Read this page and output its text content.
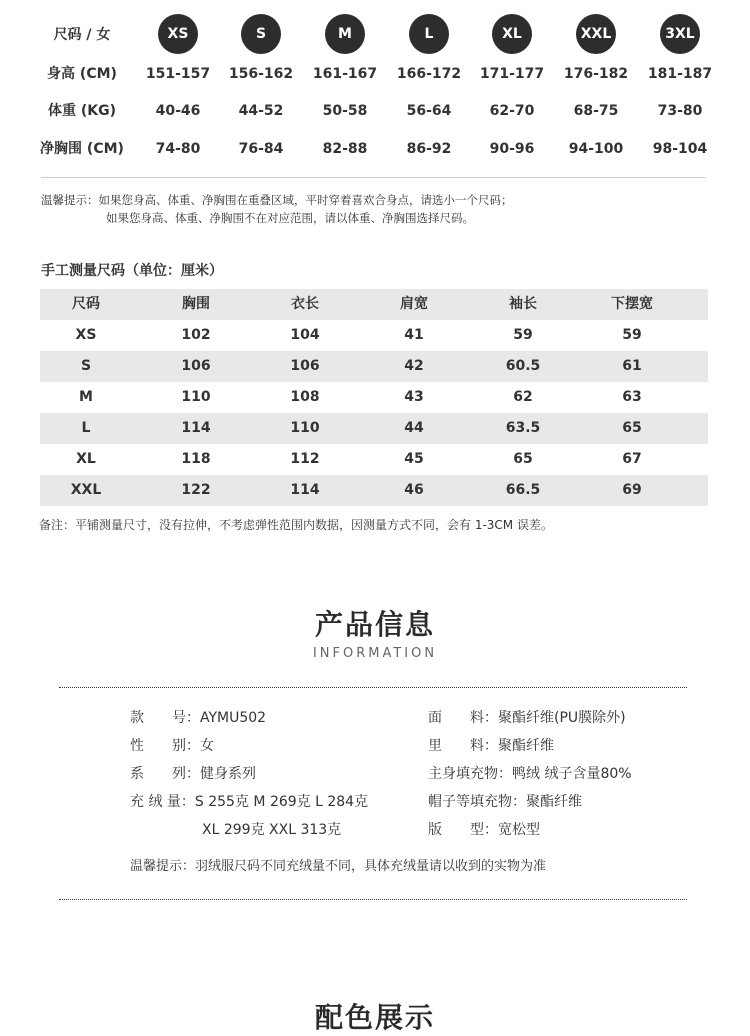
尺码 / 女	XS	S	M	L	XL	XXL	3XL
身高 (CM)	151-157	156-162	161-167	166-172	171-177	176-182	181-187
体重 (KG)	40-46	44-52	50-58	56-64	62-70	68-75	73-80
净胸围 (CM)	74-80	76-84	82-88	86-92	90-96	94-100	98-104
温馨提示：如果您身高、体重、净胸围在重叠区域，平时穿着喜欢合身点，请选小一个尺码；
如果您身高、体重、净胸围不在对应范围，请以体重、净胸围选择尺码。
手工测量尺码（单位：厘米）
尺码	胸围	衣长	肩宽	袖长	下摆宽
XS	102	104	41	59	59
S	106	106	42	60.5	61
M	110	108	43	62	63
L	114	110	44	63.5	65
XL	118	112	45	65	67
XXL	122	114	46	66.5	69
备注：平铺测量尺寸，没有拉伸，不考虑弹性范围内数据，因测量方式不同，会有 1-3CM 误差。
产品信息
INFORMATION
款　　号：AYMU502
性　　别：女
系　　列：健身系列
充 绒 量：S 255克 M 269克 L 284克
XL 299克 XXL 313克
面　　料：聚酯纤维(PU膜除外)
里　　料：聚酯纤维
主身填充物：鸭绒 绒子含量80%
帽子等填充物：聚酯纤维
版　　型：宽松型
温馨提示：羽绒服尺码不同充绒量不同，具体充绒量请以收到的实物为准
配色展示
